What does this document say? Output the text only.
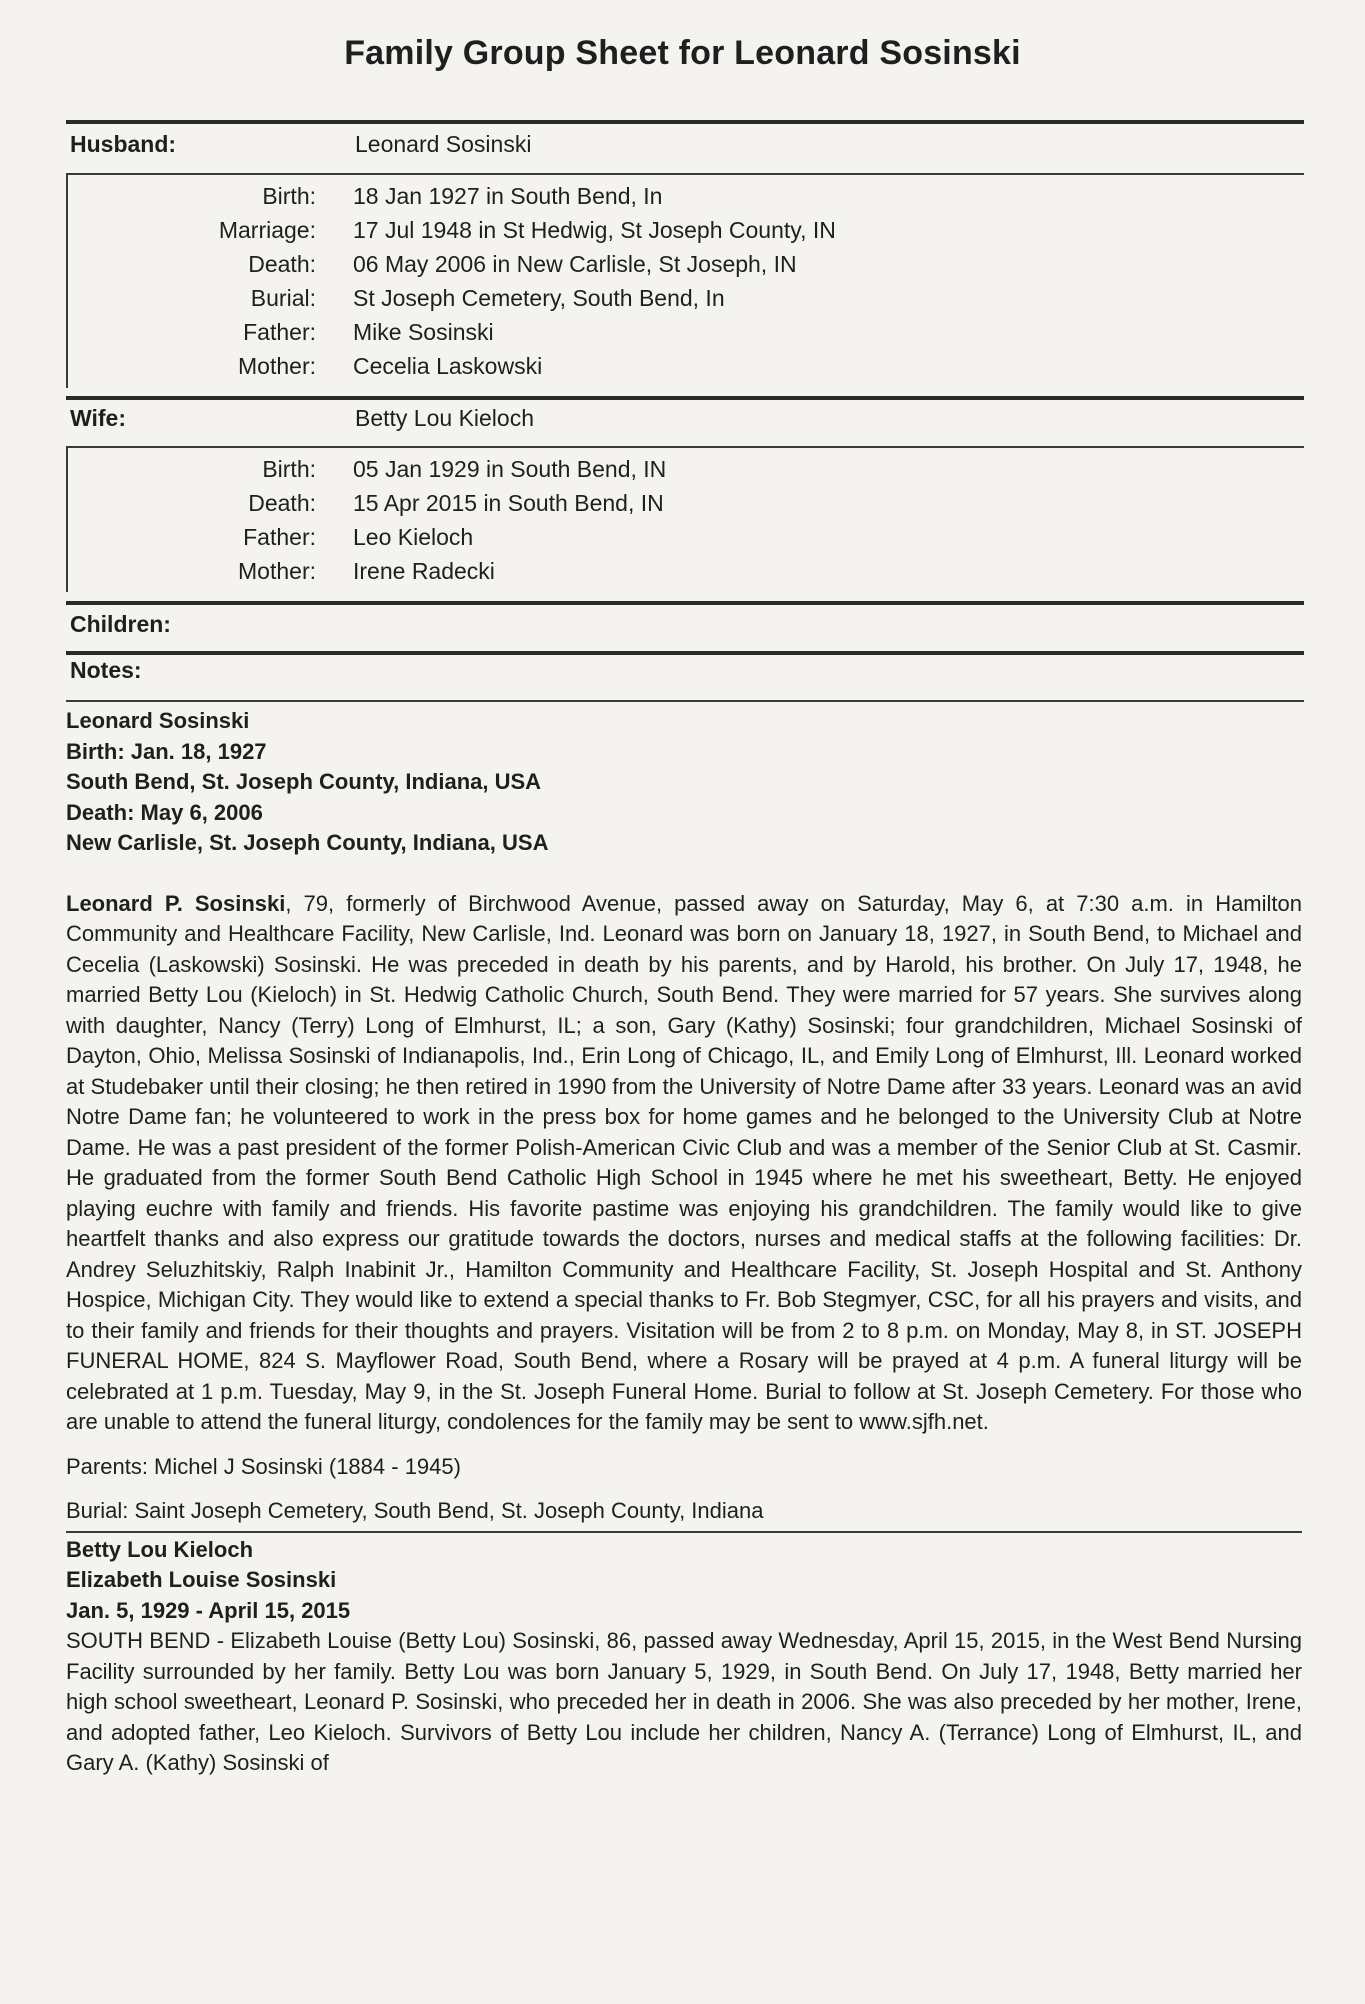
Family Group Sheet for Leonard Sosinski
Husband:	Leonard Sosinski
Birth: 18 Jan 1927 in South Bend, In
Marriage: 17 Jul 1948 in St Hedwig, St Joseph County, IN
Death: 06 May 2006 in New Carlisle, St Joseph, IN
Burial: St Joseph Cemetery, South Bend, In
Father: Mike Sosinski
Mother: Cecelia Laskowski
Wife:	Betty Lou Kieloch
Birth: 05 Jan 1929 in South Bend, IN
Death: 15 Apr 2015 in South Bend, IN
Father: Leo Kieloch
Mother: Irene Radecki
Children:
Notes:
Leonard Sosinski
Birth: Jan. 18, 1927
South Bend, St. Joseph County, Indiana, USA
Death: May 6, 2006
New Carlisle, St. Joseph County, Indiana, USA

Leonard P. Sosinski, 79, formerly of Birchwood Avenue, passed away on Saturday, May 6, at 7:30 a.m. in Hamilton Community and Healthcare Facility, New Carlisle, Ind. Leonard was born on January 18, 1927, in South Bend, to Michael and Cecelia (Laskowski) Sosinski. He was preceded in death by his parents, and by Harold, his brother. On July 17, 1948, he married Betty Lou (Kieloch) in St. Hedwig Catholic Church, South Bend. They were married for 57 years. She survives along with daughter, Nancy (Terry) Long of Elmhurst, IL; a son, Gary (Kathy) Sosinski; four grandchildren, Michael Sosinski of Dayton, Ohio, Melissa Sosinski of Indianapolis, Ind., Erin Long of Chicago, IL, and Emily Long of Elmhurst, Ill. Leonard worked at Studebaker until their closing; he then retired in 1990 from the University of Notre Dame after 33 years. Leonard was an avid Notre Dame fan; he volunteered to work in the press box for home games and he belonged to the University Club at Notre Dame. He was a past president of the former Polish-American Civic Club and was a member of the Senior Club at St. Casmir. He graduated from the former South Bend Catholic High School in 1945 where he met his sweetheart, Betty. He enjoyed playing euchre with family and friends. His favorite pastime was enjoying his grandchildren. The family would like to give heartfelt thanks and also express our gratitude towards the doctors, nurses and medical staffs at the following facilities: Dr. Andrey Seluzhitskiy, Ralph Inabinit Jr., Hamilton Community and Healthcare Facility, St. Joseph Hospital and St. Anthony Hospice, Michigan City. They would like to extend a special thanks to Fr. Bob Stegmyer, CSC, for all his prayers and visits, and to their family and friends for their thoughts and prayers. Visitation will be from 2 to 8 p.m. on Monday, May 8, in ST. JOSEPH FUNERAL HOME, 824 S. Mayflower Road, South Bend, where a Rosary will be prayed at 4 p.m. A funeral liturgy will be celebrated at 1 p.m. Tuesday, May 9, in the St. Joseph Funeral Home. Burial to follow at St. Joseph Cemetery. For those who are unable to attend the funeral liturgy, condolences for the family may be sent to www.sjfh.net.

Parents: Michel J Sosinski (1884 - 1945)
Burial: Saint Joseph Cemetery, South Bend, St. Joseph County, Indiana
Betty Lou Kieloch
Elizabeth Louise Sosinski
Jan. 5, 1929 - April 15, 2015

SOUTH BEND - Elizabeth Louise (Betty Lou) Sosinski, 86, passed away Wednesday, April 15, 2015, in the West Bend Nursing Facility surrounded by her family. Betty Lou was born January 5, 1929, in South Bend. On July 17, 1948, Betty married her high school sweetheart, Leonard P. Sosinski, who preceded her in death in 2006. She was also preceded by her mother, Irene, and adopted father, Leo Kieloch. Survivors of Betty Lou include her children, Nancy A. (Terrance) Long of Elmhurst, IL, and Gary A. (Kathy) Sosinski of
